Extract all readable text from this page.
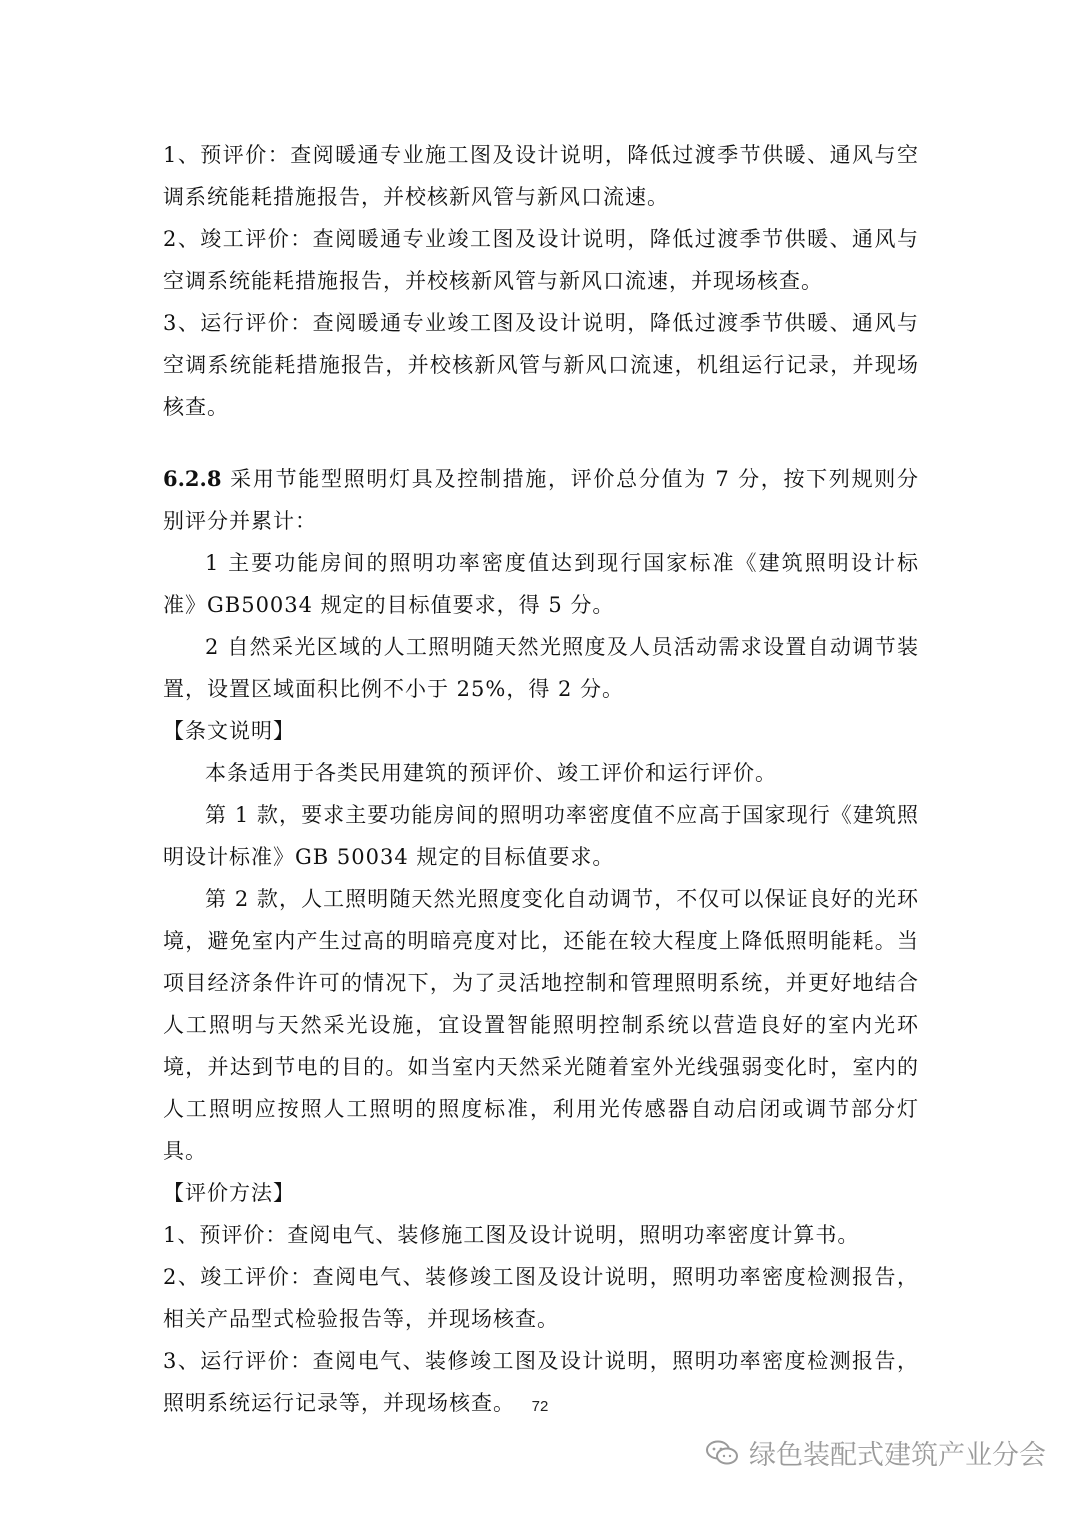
1、预评价：查阅暖通专业施工图及设计说明，降低过渡季节供暖、通风与空调系统能耗措施报告，并校核新风管与新风口流速。

2、竣工评价：查阅暖通专业竣工图及设计说明，降低过渡季节供暖、通风与空调系统能耗措施报告，并校核新风管与新风口流速，并现场核查。

3、运行评价：查阅暖通专业竣工图及设计说明，降低过渡季节供暖、通风与空调系统能耗措施报告，并校核新风管与新风口流速，机组运行记录，并现场核查。

6.2.8 采用节能型照明灯具及控制措施，评价总分值为 7 分，按下列规则分别评分并累计：

1 主要功能房间的照明功率密度值达到现行国家标准《建筑照明设计标准》GB50034 规定的目标值要求，得 5 分。

2 自然采光区域的人工照明随天然光照度及人员活动需求设置自动调节装置，设置区域面积比例不小于 25%，得 2 分。

【条文说明】

本条适用于各类民用建筑的预评价、竣工评价和运行评价。

第 1 款，要求主要功能房间的照明功率密度值不应高于国家现行《建筑照明设计标准》GB 50034 规定的目标值要求。

第 2 款，人工照明随天然光照度变化自动调节，不仅可以保证良好的光环境，避免室内产生过高的明暗亮度对比，还能在较大程度上降低照明能耗。当项目经济条件许可的情况下，为了灵活地控制和管理照明系统，并更好地结合人工照明与天然采光设施，宜设置智能照明控制系统以营造良好的室内光环境，并达到节电的目的。如当室内天然采光随着室外光线强弱变化时，室内的人工照明应按照人工照明的照度标准，利用光传感器自动启闭或调节部分灯具。

【评价方法】

1、预评价：查阅电气、装修施工图及设计说明，照明功率密度计算书。

2、竣工评价：查阅电气、装修竣工图及设计说明，照明功率密度检测报告，相关产品型式检验报告等，并现场核查。

3、运行评价：查阅电气、装修竣工图及设计说明，照明功率密度检测报告，照明系统运行记录等，并现场核查。	72
绿色装配式建筑产业分会
